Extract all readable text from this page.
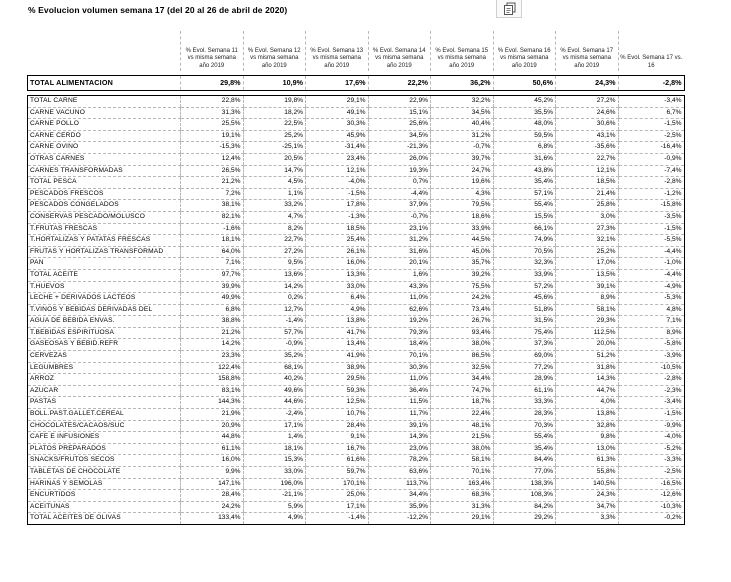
% Evolucion volumen semana 17 (del 20 al 26 de abril de 2020)
	% Evol. Semana 11 vs misma semana año 2019	% Evol. Semana 12 vs misma semana año 2019	% Evol. Semana 13 vs misma semana año 2019	% Evol. Semana 14 vs misma semana año 2019	% Evol. Semana 15 vs misma semana año 2019	% Evol. Semana 16 vs misma semana año 2019	% Evol. Semana 17 vs misma semana año 2019	% Evol. Semana 17 vs. 16

TOTAL ALIMENTACION	29,8%	10,9%	17,6%	22,2%	36,2%	50,6%	24,3%	-2,8%

TOTAL CARNE	22,8%	19,8%	29,1%	22,9%	32,2%	45,2%	27,2%	-3,4%
CARNE VACUNO	31,3%	18,2%	49,1%	15,1%	34,5%	35,5%	24,6%	6,7%
CARNE POLLO	25,5%	22,5%	30,3%	25,6%	40,4%	48,0%	30,6%	-1,5%
CARNE CERDO	19,1%	25,2%	45,9%	34,5%	31,2%	59,5%	43,1%	-2,5%
CARNE OVINO	-15,3%	-25,1%	-31,4%	-21,3%	-0,7%	6,8%	-35,6%	-16,4%
OTRAS CARNES	12,4%	20,5%	23,4%	26,0%	39,7%	31,6%	22,7%	-0,9%
CARNES TRANSFORMADAS	26,5%	14,7%	12,1%	19,3%	24,7%	43,8%	12,1%	-7,4%
TOTAL PESCA	21,2%	4,5%	-4,0%	0,7%	19,6%	35,4%	18,5%	-2,8%
PESCADOS FRESCOS	7,2%	1,1%	-1,5%	-4,4%	4,3%	57,1%	21,4%	-1,2%
PESCADOS CONGELADOS	38,1%	33,2%	17,8%	37,9%	79,5%	55,4%	25,8%	-15,8%
CONSERVAS PESCADO/MOLUSCO	82,1%	4,7%	-1,3%	-0,7%	18,6%	15,5%	3,0%	-3,5%
T.FRUTAS FRESCAS	-1,6%	8,2%	18,5%	23,1%	33,9%	66,1%	27,3%	-1,5%
T.HORTALIZAS Y PATATAS FRESCAS	18,1%	22,7%	25,4%	31,2%	44,5%	74,9%	32,1%	-5,5%
FRUTAS Y HORTALIZAS TRANSFORMAD	64,0%	27,2%	26,1%	31,6%	45,0%	70,5%	25,2%	-4,4%
PAN	7,1%	9,5%	16,0%	20,1%	35,7%	32,3%	17,0%	-1,0%
TOTAL ACEITE	97,7%	13,6%	13,3%	1,6%	39,2%	33,9%	13,5%	-4,4%
T.HUEVOS	39,9%	14,2%	33,0%	43,3%	75,5%	57,2%	39,1%	-4,9%
LECHE + DERIVADOS LACTEOS	49,9%	0,2%	6,4%	11,0%	24,2%	45,6%	8,9%	-5,3%
T.VINOS Y BEBIDAS DERIVADAS DEL	6,8%	12,7%	4,9%	62,6%	73,4%	51,8%	58,1%	4,8%
AGUA DE BEBIDA ENVAS.	38,8%	-1,4%	13,8%	19,2%	26,7%	31,5%	29,3%	7,1%
T.BEBIDAS ESPIRITUOSA	21,2%	57,7%	41,7%	79,3%	93,4%	75,4%	112,5%	8,9%
GASEOSAS Y BEBID.REFR	14,2%	-0,9%	13,4%	18,4%	38,0%	37,3%	20,0%	-5,8%
CERVEZAS	23,3%	35,2%	41,9%	70,1%	86,5%	69,0%	51,2%	-3,9%
LEGUMBRES	122,4%	68,1%	38,9%	30,3%	32,5%	77,2%	31,8%	-10,5%
ARROZ	158,8%	40,2%	29,5%	11,0%	34,4%	28,9%	14,3%	-2,8%
AZUCAR	83,1%	49,6%	59,3%	36,4%	74,7%	61,1%	44,7%	-2,3%
PASTAS	144,3%	44,6%	12,5%	11,5%	18,7%	33,3%	4,0%	-3,4%
BOLL.PAST.GALLET.CEREAL	21,9%	-2,4%	10,7%	11,7%	22,4%	28,3%	13,8%	-1,5%
CHOCOLATES/CACAOS/SUC	20,9%	17,1%	28,4%	39,1%	48,1%	70,3%	32,8%	-9,9%
CAFE E INFUSIONES	44,8%	1,4%	9,1%	14,3%	21,5%	55,4%	9,8%	-4,0%
PLATOS PREPARADOS	61,1%	18,1%	16,7%	23,0%	38,0%	35,4%	13,0%	-5,2%
SNACKS/FRUTOS SECOS	16,0%	15,3%	61,6%	78,2%	58,1%	84,4%	61,3%	-3,3%
TABLETAS DE CHOCOLATE	9,9%	33,0%	59,7%	63,6%	70,1%	77,0%	55,8%	-2,5%
HARINAS Y SEMOLAS	147,1%	196,0%	170,1%	113,7%	163,4%	138,3%	140,5%	-16,5%
ENCURTIDOS	28,4%	-21,1%	25,0%	34,4%	68,3%	108,3%	24,3%	-12,6%
ACEITUNAS	24,2%	5,9%	17,1%	35,9%	31,3%	84,2%	34,7%	-10,3%
TOTAL ACEITES DE OLIVAS	133,4%	4,9%	-1,4%	-12,2%	29,1%	29,2%	3,3%	-0,2%
